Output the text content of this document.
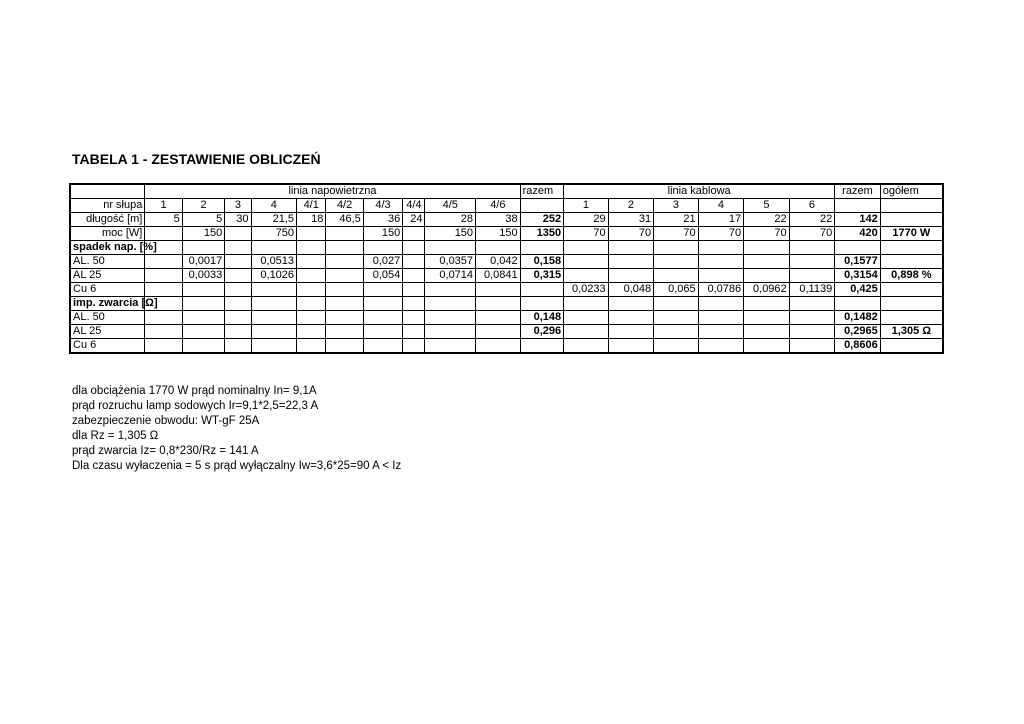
TABELA 1 - ZESTAWIENIE OBLICZEŃ
	linia napowietrzna										razem	linia kablowa						razem	ogółem
nr słupa	1	2	3	4	4/1	4/2	4/3	4/4	4/5	4/6		1	2	3	4	5	6		
długość [m]	5	5	30	21,5	18	46,5	36	24	28	38	252	29	31	21	17	22	22	142	
moc [W]		150		750			150		150	150	1350	70	70	70	70	70	70	420	1770 W
spadek nap. [%]																			
AL. 50		0,0017		0,0513			0,027		0,0357	0,042	0,158							0,1577	
AL 25		0,0033		0,1026			0,054		0,0714	0,0841	0,315							0,3154	0,898 %
Cu 6												0,0233	0,048	0,065	0,0786	0,0962	0,1139	0,425	
imp. zwarcia [Ω]																			
AL. 50											0,148							0,1482	
AL 25											0,296							0,2965	1,305 Ω
Cu 6																		0,8606	
dla obciążenia 1770 W prąd nominalny In= 9,1A
prąd rozruchu lamp sodowych Ir=9,1*2,5=22,3 A
zabezpieczenie obwodu: WT-gF 25A
dla Rz = 1,305 Ω
prąd zwarcia Iz= 0,8*230/Rz = 141 A
Dla czasu wyłaczenia = 5 s prąd wyłączalny Iw=3,6*25=90 A < Iz
